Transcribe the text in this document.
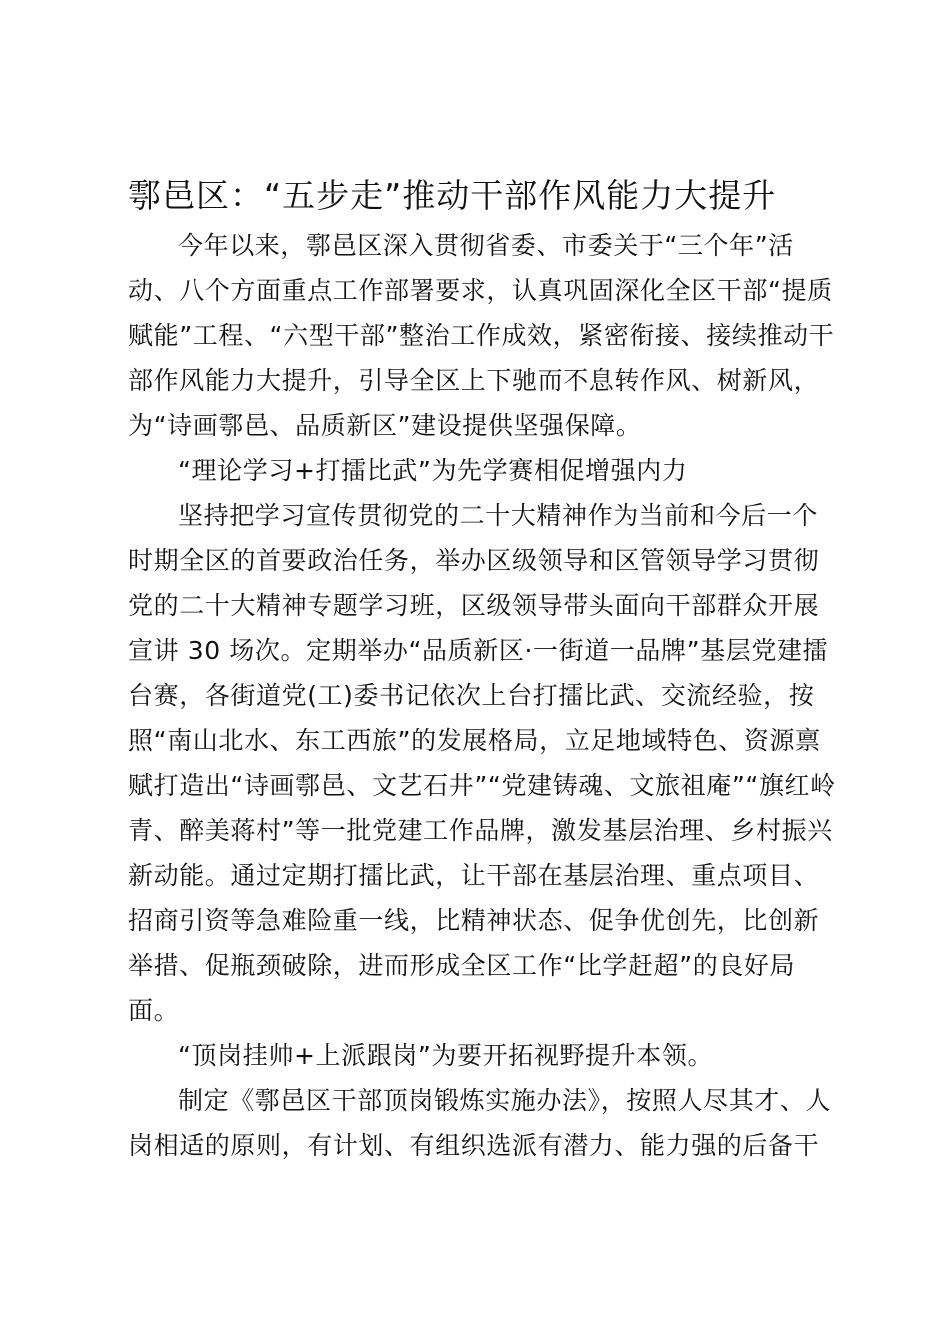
鄠邑区：“五步走”推动干部作风能力大提升

今年以来，鄠邑区深入贯彻省委、市委关于“三个年”活

动、八个方面重点工作部署要求，认真巩固深化全区干部“提质

赋能”工程、“六型干部”整治工作成效，紧密衔接、接续推动干

部作风能力大提升，引导全区上下驰而不息转作风、树新风，

为“诗画鄠邑、品质新区”建设提供坚强保障。

“理论学习+打擂比武”为先学赛相促增强内力

坚持把学习宣传贯彻党的二十大精神作为当前和今后一个

时期全区的首要政治任务，举办区级领导和区管领导学习贯彻

党的二十大精神专题学习班，区级领导带头面向干部群众开展

宣讲 30 场次。定期举办“品质新区·一街道一品牌”基层党建擂

台赛，各街道党(工)委书记依次上台打擂比武、交流经验，按

照“南山北水、东工西旅”的发展格局，立足地域特色、资源禀

赋打造出“诗画鄠邑、文艺石井”“党建铸魂、文旅祖庵”“旗红岭

青、醉美蒋村”等一批党建工作品牌，激发基层治理、乡村振兴

新动能。通过定期打擂比武，让干部在基层治理、重点项目、

招商引资等急难险重一线，比精神状态、促争优创先，比创新

举措、促瓶颈破除，进而形成全区工作“比学赶超”的良好局

面。

“顶岗挂帅+上派跟岗”为要开拓视野提升本领。

制定《鄠邑区干部顶岗锻炼实施办法》，按照人尽其才、人

岗相适的原则，有计划、有组织选派有潜力、能力强的后备干
